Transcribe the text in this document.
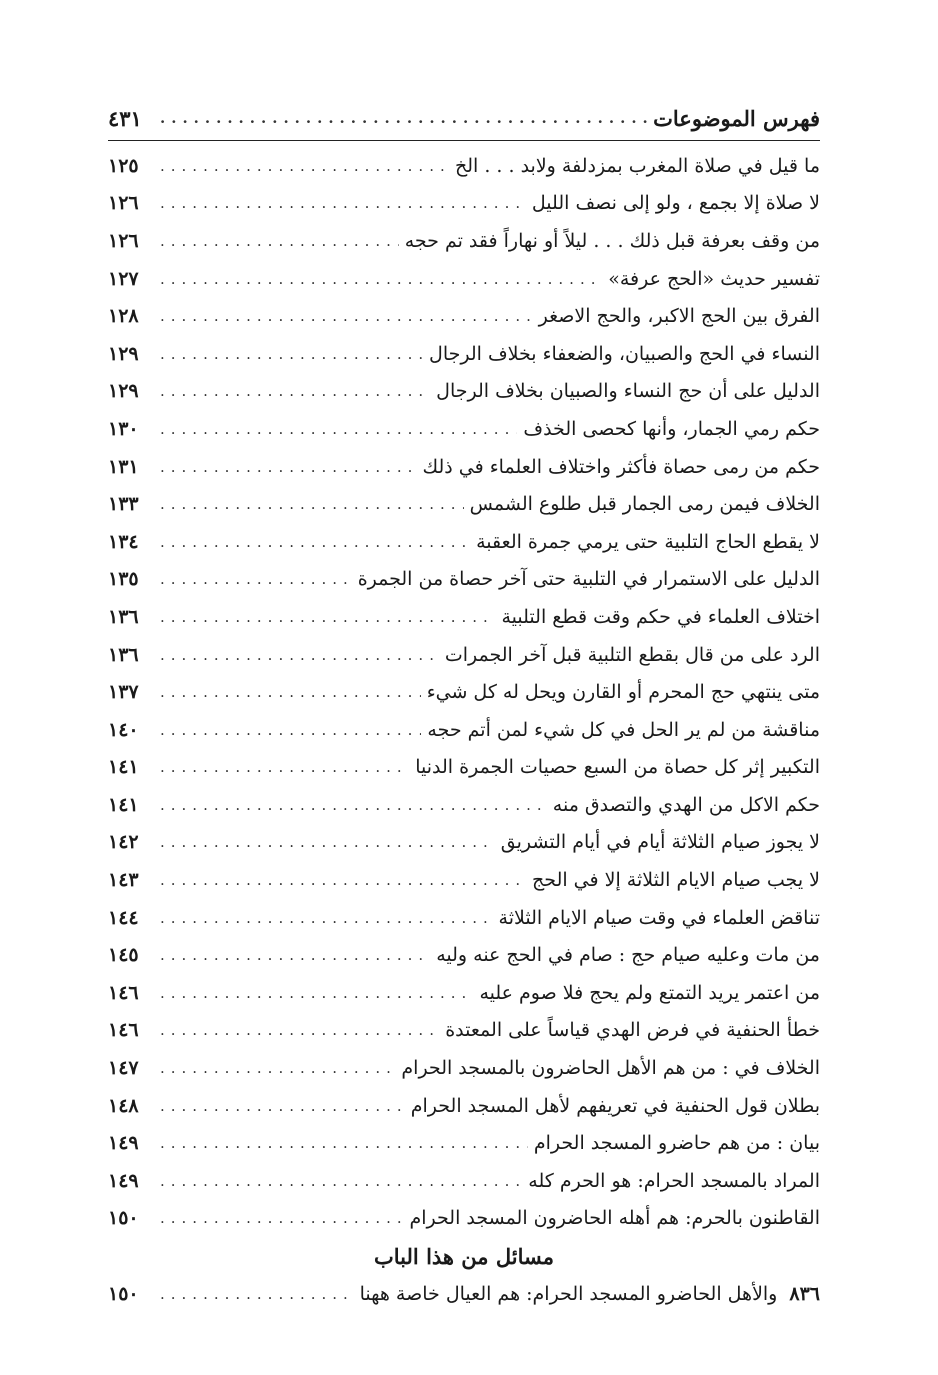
فهرس الموضوعات
.....
٤٣١
ما قيل في صلاة المغرب بمزدلفة ولابد . . . الخ
.....
١٢٥
لا صلاة إلا بجمع ، ولو إلى نصف الليل
.....
١٢٦
من وقف بعرفة قبل ذلك . . . ليلاً أو نهاراً فقد تم حجه
.....
١٢٦
تفسير حديث «الحج عرفة»
.....
١٢٧
الفرق بين الحج الاكبر، والحج الاصغر
.....
١٢٨
النساء في الحج والصبيان، والضعفاء بخلاف الرجال
.....
١٢٩
الدليل على أن حج النساء والصبيان بخلاف الرجال
.....
١٢٩
حكم رمي الجمار، وأنها كحصى الخذف
.....
١٣٠
حكم من رمى حصاة فأكثر واختلاف العلماء في ذلك
.....
١٣١
الخلاف فيمن رمى الجمار قبل طلوع الشمس
.....
١٣٣
لا يقطع الحاج التلبية حتى يرمي جمرة العقبة
.....
١٣٤
الدليل على الاستمرار في التلبية حتى آخر حصاة من الجمرة
.....
١٣٥
اختلاف العلماء في حكم وقت قطع التلبية
.....
١٣٦
الرد على من قال بقطع التلبية قبل آخر الجمرات
.....
١٣٦
متى ينتهي حج المحرم أو القارن ويحل له كل شيء
.....
١٣٧
مناقشة من لم ير الحل في كل شيء لمن أتم حجه
.....
١٤٠
التكبير إثر كل حصاة من السبع حصيات الجمرة الدنيا
.....
١٤١
حكم الاكل من الهدي والتصدق منه
.....
١٤١
لا يجوز صيام الثلاثة أيام في أيام التشريق
.....
١٤٢
لا يجب صيام الايام الثلاثة إلا في الحج
.....
١٤٣
تناقض العلماء في وقت صيام الايام الثلاثة
.....
١٤٤
من مات وعليه صيام حج : صام في الحج عنه وليه
.....
١٤٥
من اعتمر يريد التمتع ولم يحج فلا صوم عليه
.....
١٤٦
خطأ الحنفية في فرض الهدي قياساً على المعتدة
.....
١٤٦
الخلاف في : من هم الأهل الحاضرون بالمسجد الحرام
.....
١٤٧
بطلان قول الحنفية في تعريفهم لأهل المسجد الحرام
.....
١٤٨
بيان : من هم حاضرو المسجد الحرام
.....
١٤٩
المراد بالمسجد الحرام: هو الحرم كله
.....
١٤٩
القاطنون بالحرم: هم أهله الحاضرون المسجد الحرام
.....
١٥٠
مسائل من هذا الباب
٨٣٦
والأهل الحاضرو المسجد الحرام: هم العيال خاصة ههنا
.....
١٥٠
